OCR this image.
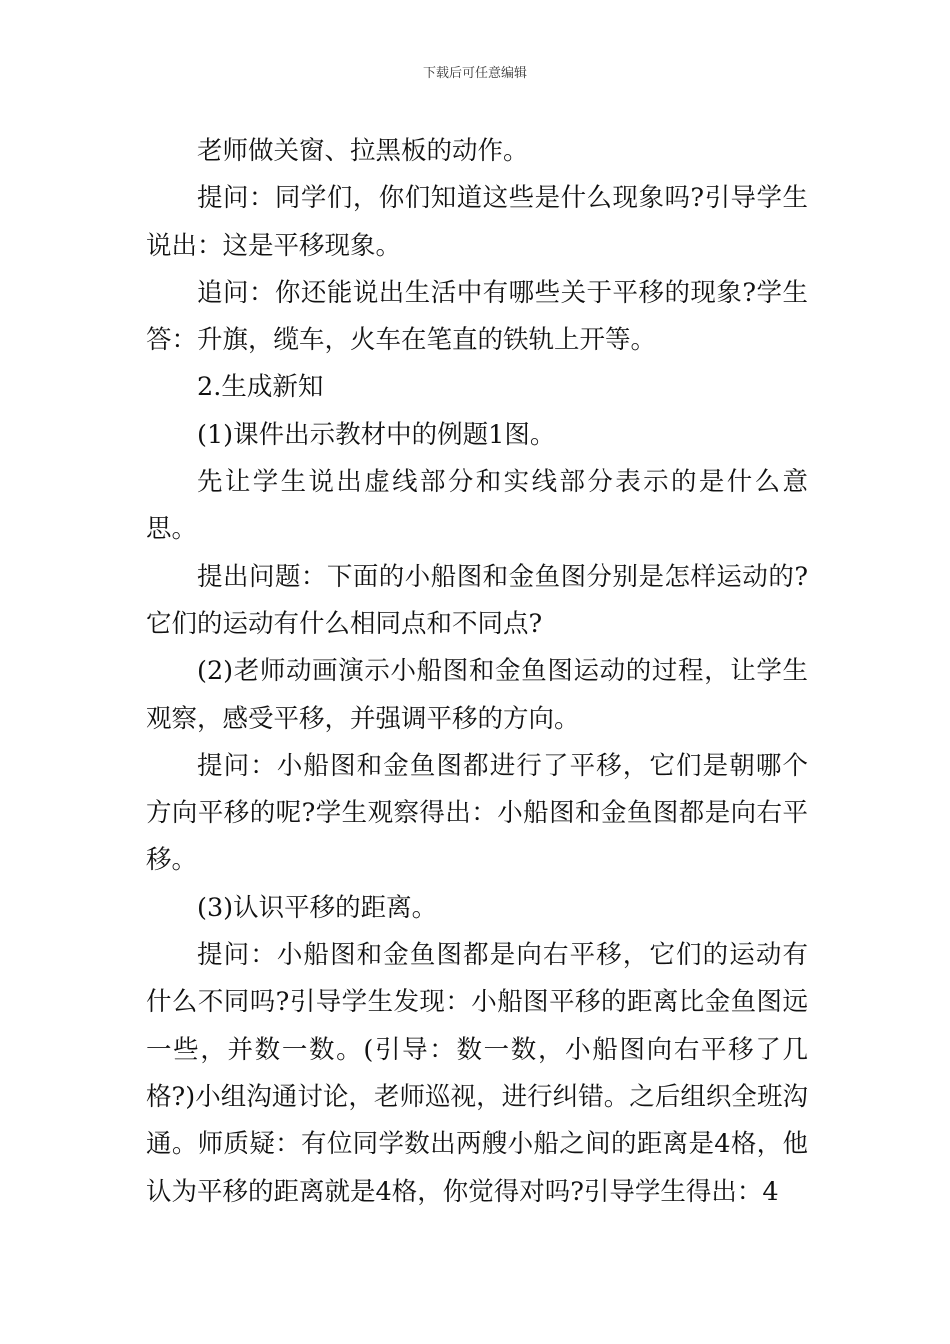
下载后可任意编辑

老师做关窗、拉黑板的动作。

提问：同学们，你们知道这些是什么现象吗?引导学生说出：这是平移现象。

追问：你还能说出生活中有哪些关于平移的现象?学生答：升旗，缆车，火车在笔直的铁轨上开等。

2.生成新知

(1)课件出示教材中的例题1图。

先让学生说出虚线部分和实线部分表示的是什么意思。

提出问题：下面的小船图和金鱼图分别是怎样运动的?它们的运动有什么相同点和不同点?

(2)老师动画演示小船图和金鱼图运动的过程，让学生观察，感受平移，并强调平移的方向。

提问：小船图和金鱼图都进行了平移，它们是朝哪个方向平移的呢?学生观察得出：小船图和金鱼图都是向右平移。

(3)认识平移的距离。

提问：小船图和金鱼图都是向右平移，它们的运动有什么不同吗?引导学生发现：小船图平移的距离比金鱼图远一些，并数一数。(引导：数一数，小船图向右平移了几格?)小组沟通讨论，老师巡视，进行纠错。之后组织全班沟通。师质疑：有位同学数出两艘小船之间的距离是4格，他认为平移的距离就是4格，你觉得对吗?引导学生得出：4
